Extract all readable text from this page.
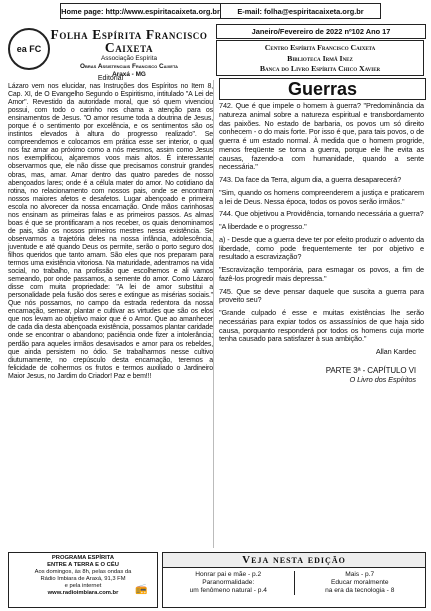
Home page: http://www.espiritacaixeta.org.br	E-mail: folha@espiritacaixeta.org.br
ea FC
Folha Espírita Francisco Caixeta
Associação Espírita
Obras Assistenciais Francisco Caixeta
Araxá - MG
Janeiro/Fevereiro de 2022 nº102 Ano 17
Centro Espírita Francisco Caixeta
Biblioteca Irmã Inez
Banca do Livro Espírita Chico Xavier
Editorial

Lázaro vem nos elucidar, nas Instruções dos Espíritos no Item 8, Cap. XI, de O Evangelho Segundo o Espiritismo, intitulado "A Lei de Amor". Revestido da autoridade moral, que só quem vivenciou possui, com todo o carinho nos chama a atenção para os ensinamentos de Jesus. "O amor resume toda a doutrina de Jesus, porque é o sentimento por excelência, e os sentimentos são os instintos elevados à altura do progresso realizado". Se compreendemos e colocamos em prática esse ser interior, o qual nos faz amar ao próximo como a nós mesmos, assim como Jesus nos exemplificou, alçaremos voos mais altos. É interessante observarmos que, ele não disse que precisamos construir grandes obras, mas, amar. Amar dentro das quatro paredes de nosso abençoados lares; onde é a célula mater do amor. No cotidiano da rotina, no relacionamento com nossos pais, onde se encontram nossos maiores afetos e desafetos. Lugar abençoado e primeira escola no alvorecer da nossa encarnação. Onde mãos carinhosas nos ensinam as primeiras falas e as primeiros passos. As almas boas é que se prontificaram a nos receber, os quais denominamos de pais, são os nossos primeiros mestres nessa existência. Se observarmos a trajetória deles na nossa infância, adolescência, juventude e até quando Deus os permite, serão o porto seguro dos filhos queridos que tanto amam. São eles que nos preparam para termos uma existência vitoriosa. Na maturidade, adentramos na vida social, no trabalho, na profissão que escolhemos e ali vamos semeando, por onde passamos, a semente do amor. Como Lázaro disse com muita propriedade: "A lei de amor substitui a personalidade pela fusão dos seres e extingue as misérias sociais." Que nós possamos, no campo da estrada redentora da nossa encarnação, semear, plantar e cultivar as virtudes que são os elos que nos levam ao objetivo maior que é o Amor. Que ao amanhecer de cada dia desta abençoada existência, possamos plantar caridade onde se encontrar o abandono; paciência onde fizer a intolerância; perdão para aqueles irmãos desavisados e amor para os rebeldes, que ainda persistem no ódio. Se trabalharmos nesse cultivo diuturnamente, no crepúsculo desta encarnação, teremos a felicidade de colhermos os frutos e termos auxiliado o Jardineiro Maior Jesus, no Jardim do Criador! Paz e bem!!!

Guerras

742. Que é que impele o homem à guerra? "Predominância da natureza animal sobre a natureza espiritual e transbordamento das paixões. No estado de barbaria, os povos um só direito conhecem - o do mais forte. Por isso é que, para tais povos, o de guerra é um estado normal. À medida que o homem progride, menos freqüente se torna a guerra, porque ele lhe evita as causas, fazendo-a com humanidade, quando a sente necessária."

743. Da face da Terra, algum dia, a guerra desaparecerá?

"Sim, quando os homens compreenderem a justiça e praticarem a lei de Deus. Nessa época, todos os povos serão irmãos."

744. Que objetivou a Providência, tornando necessária a guerra?

"A liberdade e o progresso."

a) - Desde que a guerra deve ter por efeito produzir o advento da liberdade, como pode frequentemente ter por objetivo e resultado a escravização?

"Escravização temporária, para esmagar os povos, a fim de fazê-los progredir mais depressa."

745. Que se deve pensar daquele que suscita a guerra para proveito seu?

"Grande culpado é esse e muitas existências lhe serão necessárias para expiar todos os assassínios de que haja sido causa, porquanto responderá por todos os homens cuja morte tenha causado para satisfazer à sua ambição."

Allan Kardec

PARTE 3ª - CAPÍTULO VI

O Livro dos Espíritos

PROGRAMA ESPÍRITA
ENTRE A TERRA E O CÉU
Aos domingos, às 8h, pelas ondas da
Rádio Imbiara de Araxá, 91,3 FM
e pela internet
www.radioimbiara.com.br	📻
Veja nesta edição
Honrar pai e mãe - p.2
Paranormalidade:
um fenômeno natural - p.4
Mais - p.7
Educar moralmente
na era da tecnologia - 8
